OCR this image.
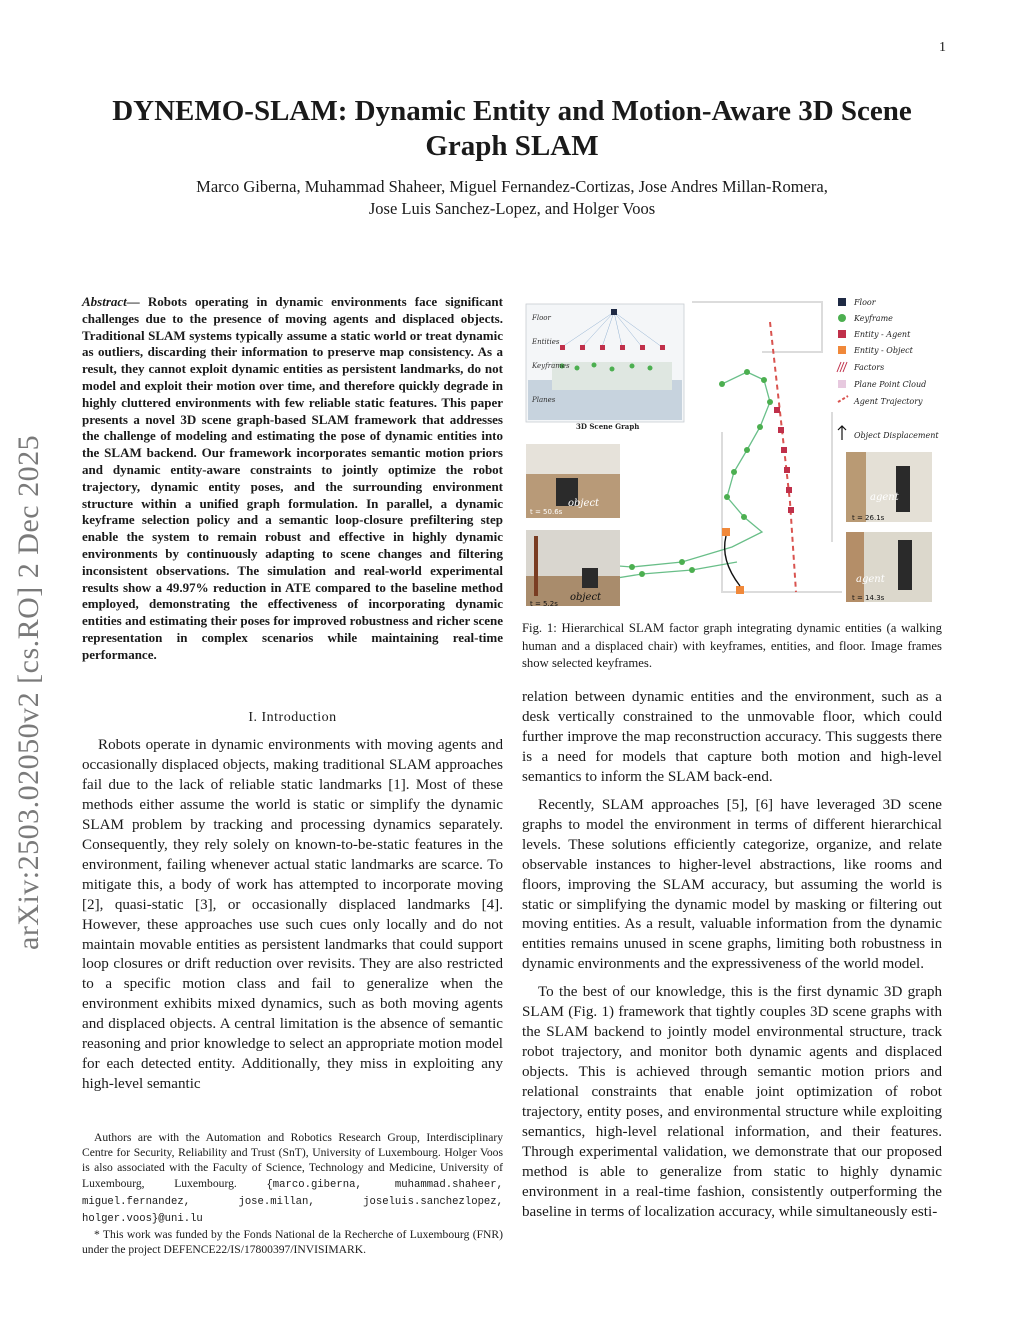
1
arXiv:2503.02050v2 [cs.RO] 2 Dec 2025
DYNEMO-SLAM: Dynamic Entity and Motion-Aware 3D Scene
Graph SLAM
Marco Giberna, Muhammad Shaheer, Miguel Fernandez-Cortizas, Jose Andres Millan-Romera,
Jose Luis Sanchez-Lopez, and Holger Voos
Abstract— Robots operating in dynamic environments face significant challenges due to the presence of moving agents and displaced objects. Traditional SLAM systems typically assume a static world or treat dynamic as outliers, discarding their information to preserve map consistency. As a result, they cannot exploit dynamic entities as persistent landmarks, do not model and exploit their motion over time, and therefore quickly degrade in highly cluttered environments with few reliable static features. This paper presents a novel 3D scene graph-based SLAM framework that addresses the challenge of modeling and estimating the pose of dynamic entities into the SLAM backend. Our framework incorporates semantic motion priors and dynamic entity-aware constraints to jointly optimize the robot trajectory, dynamic entity poses, and the surrounding environment structure within a unified graph formulation. In parallel, a dynamic keyframe selection policy and a semantic loop-closure prefiltering step enable the system to remain robust and effective in highly dynamic environments by continuously adapting to scene changes and filtering inconsistent observations. The simulation and real-world experimental results show a 49.97% reduction in ATE compared to the baseline method employed, demonstrating the effectiveness of incorporating dynamic entities and estimating their poses for improved robustness and richer scene representation in complex scenarios while maintaining real-time performance.
I. Introduction

Robots operate in dynamic environments with moving agents and occasionally displaced objects, making traditional SLAM approaches fail due to the lack of reliable static landmarks [1]. Most of these methods either assume the world is static or simplify the dynamic SLAM problem by tracking and processing dynamics separately. Consequently, they rely solely on known-to-be-static features in the environment, failing whenever actual static landmarks are scarce. To mitigate this, a body of work has attempted to incorporate moving [2], quasi-static [3], or occasionally displaced landmarks [4]. However, these approaches use such cues only locally and do not maintain movable entities as persistent landmarks that could support loop closures or drift reduction over revisits. They are also restricted to a specific motion class and fail to generalize when the environment exhibits mixed dynamics, such as both moving agents and displaced objects. A central limitation is the absence of semantic reasoning and prior knowledge to select an appropriate motion model for each detected entity. Additionally, they miss in exploiting any high-level semantic

Authors are with the Automation and Robotics Research Group, Interdisciplinary Centre for Security, Reliability and Trust (SnT), University of Luxembourg. Holger Voos is also associated with the Faculty of Science, Technology and Medicine, University of Luxembourg, Luxembourg.	{marco.giberna, muhammad.shaheer, miguel.fernandez, jose.millan, joseluis.sanchezlopez, holger.voos}@uni.lu

* This work was funded by the Fonds National de la Recherche of Luxembourg (FNR) under the project DEFENCE22/IS/17800397/INVISIMARK.

Floor
Entities
Keyframes
Planes
3D Scene Graph
object
t = 50.6s
object
t = 5.2s
agent
t = 26.1s
agent
t = 14.3s
Floor
Keyframe
Entity - Agent
Entity - Object
Factors
Plane Point Cloud
Agent Trajectory
Object Displacement
Fig. 1: Hierarchical SLAM factor graph integrating dynamic entities (a walking human and a displaced chair) with keyframes, entities, and floor. Image frames show selected keyframes.

relation between dynamic entities and the environment, such as a desk vertically constrained to the unmovable floor, which could further improve the map reconstruction accuracy. This suggests there is a need for models that capture both motion and high-level semantics to inform the SLAM back-end.

Recently, SLAM approaches [5], [6] have leveraged 3D scene graphs to model the environment in terms of different hierarchical levels. These solutions efficiently categorize, organize, and relate observable instances to higher-level abstractions, like rooms and floors, improving the SLAM accuracy, but assuming the world is static or simplifying the dynamic model by masking or filtering out moving entities. As a result, valuable information from the dynamic entities remains unused in scene graphs, limiting both robustness in dynamic environments and the expressiveness of the world model.

To the best of our knowledge, this is the first dynamic 3D graph SLAM (Fig. 1) framework that tightly couples 3D scene graphs with the SLAM backend to jointly model environmental structure, track robot trajectory, and monitor both dynamic agents and displaced objects. This is achieved through semantic motion priors and relational constraints that enable joint optimization of robot trajectory, entity poses, and environmental structure while exploiting semantics, high-level relational information, and their features. Through experimental validation, we demonstrate that our proposed method is able to generalize from static to highly dynamic environment in a real-time fashion, consistently outperforming the baseline in terms of localization accuracy, while simultaneously esti-
